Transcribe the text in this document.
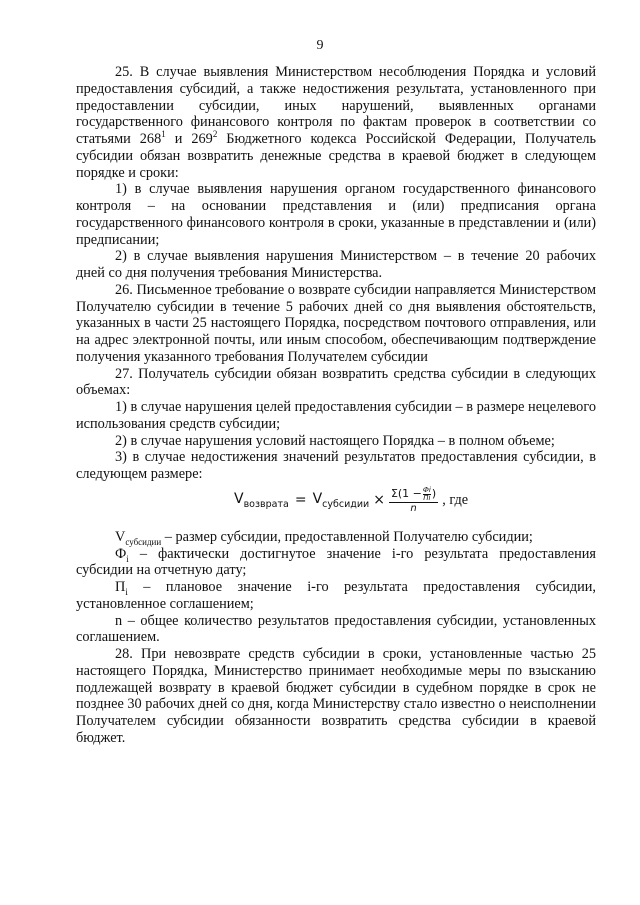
9

25. В случае выявления Министерством несоблюдения Порядка и условий предоставления субсидий, а также недостижения результата, установленного при предоставлении субсидии, иных нарушений, выявленных органами государственного финансового контроля по фактам проверок в соответствии со статьями $268^1$ и $269^2$ Бюджетного кодекса Российской Федерации, Получатель субсидии обязан возвратить денежные средства в краевой бюджет в следующем порядке и сроки:

1) в случае выявления нарушения органом государственного финансового контроля – на основании представления и (или) предписания органа государственного финансового контроля в сроки, указанные в представлении и (или) предписании;

2) в случае выявления нарушения Министерством – в течение 20 рабочих дней со дня получения требования Министерства.

26. Письменное требование о возврате субсидии направляется Министерством Получателю субсидии в течение 5 рабочих дней со дня выявления обстоятельств, указанных в части 25 настоящего Порядка, посредством почтового отправления, или на адрес электронной почты, или иным способом, обеспечивающим подтверждение получения указанного требования Получателем субсидии

27. Получатель субсидии обязан возвратить средства субсидии в следующих объемах:

1) в случае нарушения целей предоставления субсидии – в размере нецелевого использования средств субсидии;

2) в случае нарушения условий настоящего Порядка – в полном объеме;

3) в случае недостижения значений результатов предоставления субсидии, в следующем размере:

$V_{возврата} = V_{субсидии} \times \Sigma(1 - \frac{Фi}{Пi}$ )
n , где

$V_{субсидии}$ – размер субсидии, предоставленной Получателю субсидии;

$Ф_i$ – фактически достигнутое значение i-го результата предоставления субсидии на отчетную дату;

$П_i$ – плановое значение i-го результата предоставления субсидии, установленное соглашением;

n – общее количество результатов предоставления субсидии, установленных соглашением.

28. При невозврате средств субсидии в сроки, установленные частью 25 настоящего Порядка, Министерство принимает необходимые меры по взысканию подлежащей возврату в краевой бюджет субсидии в судебном порядке в срок не позднее 30 рабочих дней со дня, когда Министерству стало известно о неисполнении Получателем субсидии обязанности возвратить средства субсидии в краевой бюджет.
